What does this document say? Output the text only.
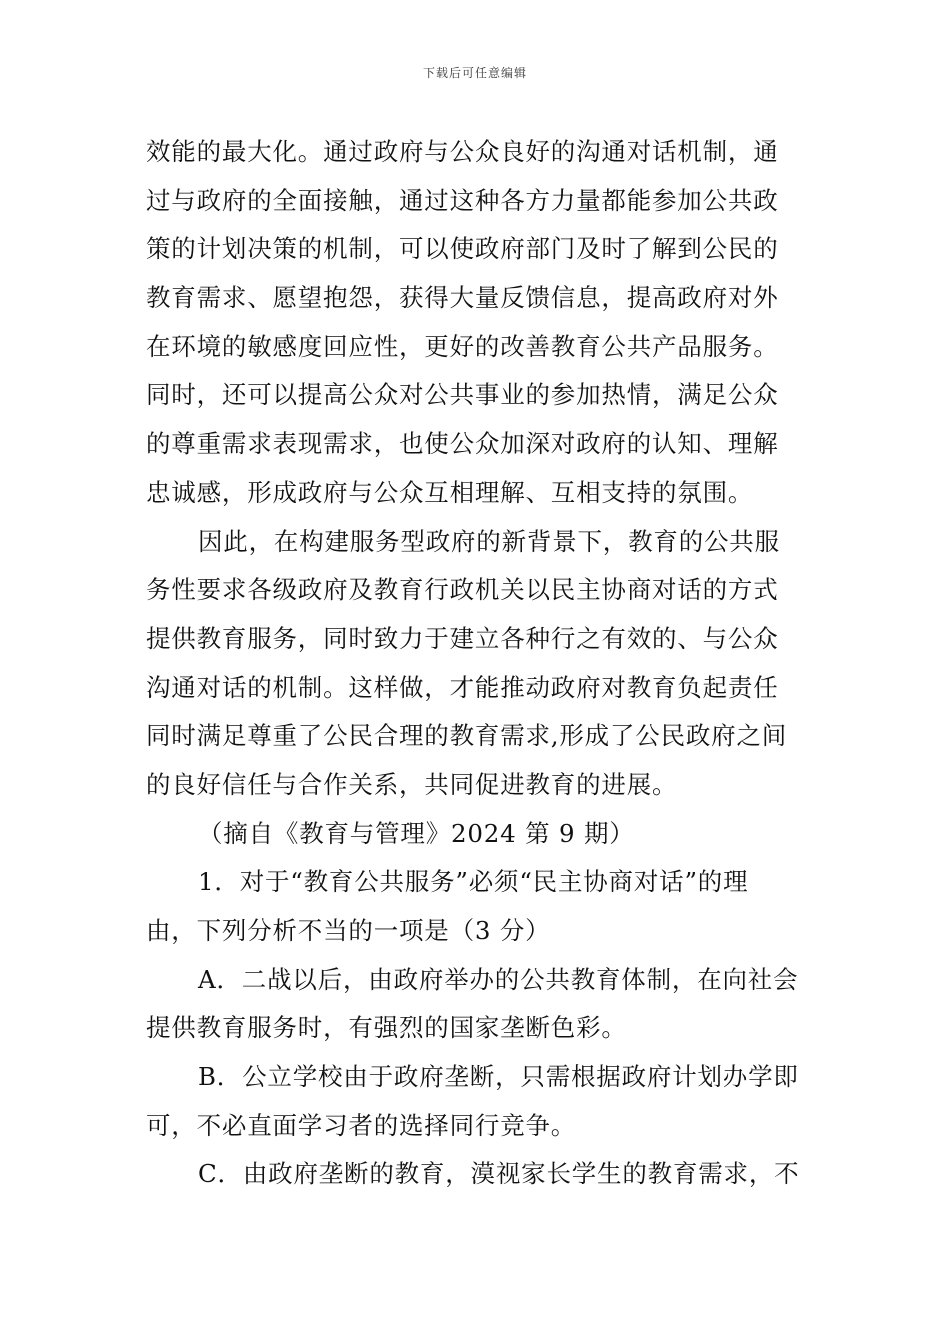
下载后可任意编辑
效能的最大化。通过政府与公众良好的沟通对话机制，通
过与政府的全面接触，通过这种各方力量都能参加公共政
策的计划决策的机制，可以使政府部门及时了解到公民的
教育需求、愿望抱怨，获得大量反馈信息，提高政府对外
在环境的敏感度回应性，更好的改善教育公共产品服务。
同时，还可以提高公众对公共事业的参加热情，满足公众
的尊重需求表现需求，也使公众加深对政府的认知、理解
忠诚感，形成政府与公众互相理解、互相支持的氛围。
因此，在构建服务型政府的新背景下，教育的公共服
务性要求各级政府及教育行政机关以民主协商对话的方式
提供教育服务，同时致力于建立各种行之有效的、与公众
沟通对话的机制。这样做，才能推动政府对教育负起责任
同时满足尊重了公民合理的教育需求,形成了公民政府之间
的良好信任与合作关系，共同促进教育的进展。
（摘自《教育与管理》2024 第 9 期）
1．对于“教育公共服务”必须“民主协商对话”的理
由，下列分析不当的一项是（3 分）
A．二战以后，由政府举办的公共教育体制，在向社会
提供教育服务时，有强烈的国家垄断色彩。
B．公立学校由于政府垄断，只需根据政府计划办学即
可，不必直面学习者的选择同行竞争。
C．由政府垄断的教育，漠视家长学生的教育需求，不
